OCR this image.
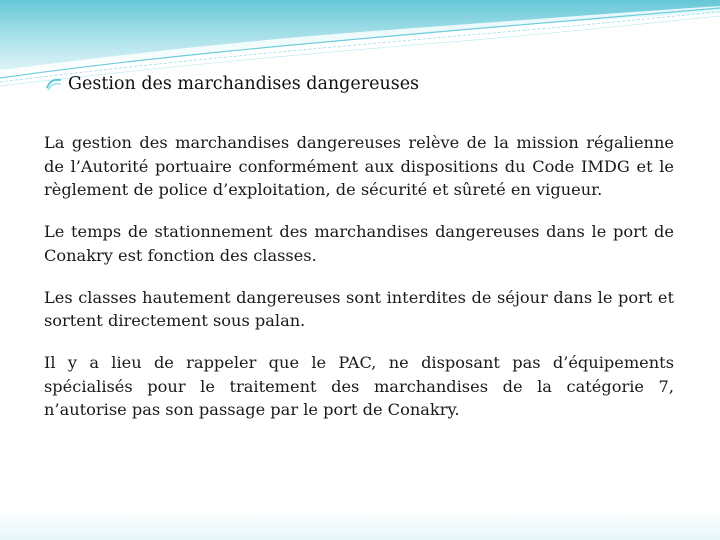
Gestion des marchandises dangereuses

La gestion des marchandises dangereuses relève de la mission régalienne de l’Autorité portuaire conformément aux dispositions du Code IMDG et le règlement de police d’exploitation, de sécurité et sûreté en vigueur.

Le temps de stationnement des marchandises dangereuses dans le port de Conakry est fonction des classes.

Les classes hautement dangereuses sont interdites de séjour dans le port et sortent directement sous palan.

Il y a lieu de rappeler que le PAC, ne disposant pas d’équipements spécialisés pour le traitement des marchandises de la catégorie 7, n’autorise pas son passage par le port de Conakry.
